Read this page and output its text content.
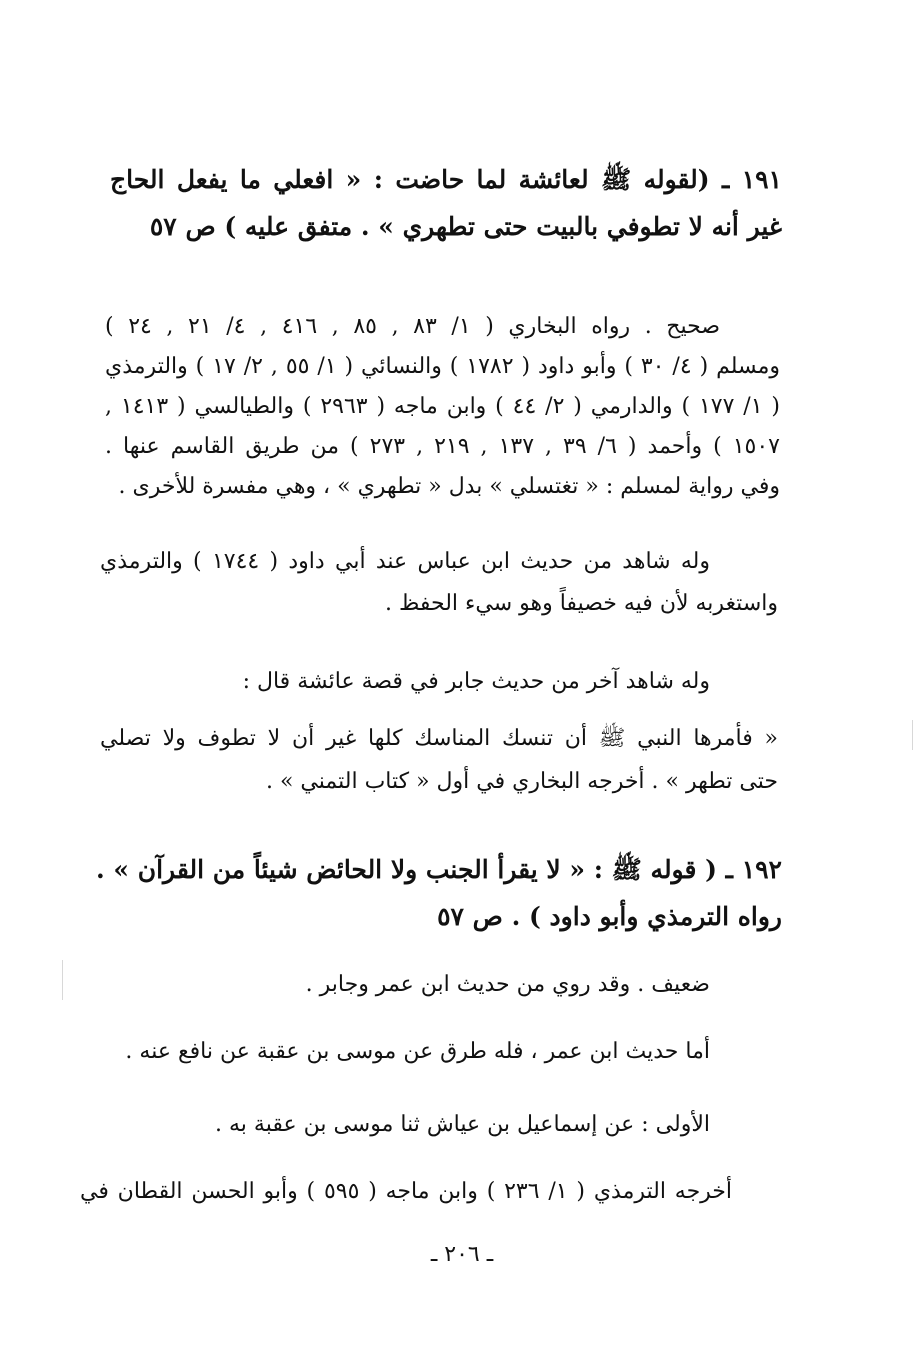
١٩١ ـ (لقوله ﷺ لعائشة لما حاضت : « افعلي ما يفعل الحاج
غير أنه لا تطوفي بالبيت حتى تطهري » . متفق عليه ) ص ٥٧
صحيح . رواه البخاري ( ١/ ٨٣ , ٨٥ , ٤١٦ , ٤/ ٢١ , ٢٤ )
ومسلم ( ٤/ ٣٠ ) وأبو داود ( ١٧٨٢ ) والنسائي ( ١/ ٥٥ , ٢/ ١٧ ) والترمذي
( ١/ ١٧٧ ) والدارمي ( ٢/ ٤٤ ) وابن ماجه ( ٢٩٦٣ ) والطيالسي ( ١٤١٣ ,
١٥٠٧ ) وأحمد ( ٦/ ٣٩ , ١٣٧ , ٢١٩ , ٢٧٣ ) من طريق القاسم عنها .
وفي رواية لمسلم : « تغتسلي » بدل « تطهري » ، وهي مفسرة للأخرى .
وله شاهد من حديث ابن عباس عند أبي داود ( ١٧٤٤ ) والترمذي
واستغربه لأن فيه خصيفاً وهو سيء الحفظ .
وله شاهد آخر من حديث جابر في قصة عائشة قال :
« فأمرها النبي ﷺ أن تنسك المناسك كلها غير أن لا تطوف ولا تصلي
حتى تطهر » . أخرجه البخاري في أول « كتاب التمني » .
١٩٢ ـ ( قوله ﷺ : « لا يقرأ الجنب ولا الحائض شيئاً من القرآن » .
رواه الترمذي وأبو داود ) . ص ٥٧
ضعيف . وقد روي من حديث ابن عمر وجابر .
أما حديث ابن عمر ، فله طرق عن موسى بن عقبة عن نافع عنه .
الأولى : عن إسماعيل بن عياش ثنا موسى بن عقبة به .
أخرجه الترمذي ( ١/ ٢٣٦ ) وابن ماجه ( ٥٩٥ ) وأبو الحسن القطان في
ـ ٢٠٦ ـ
